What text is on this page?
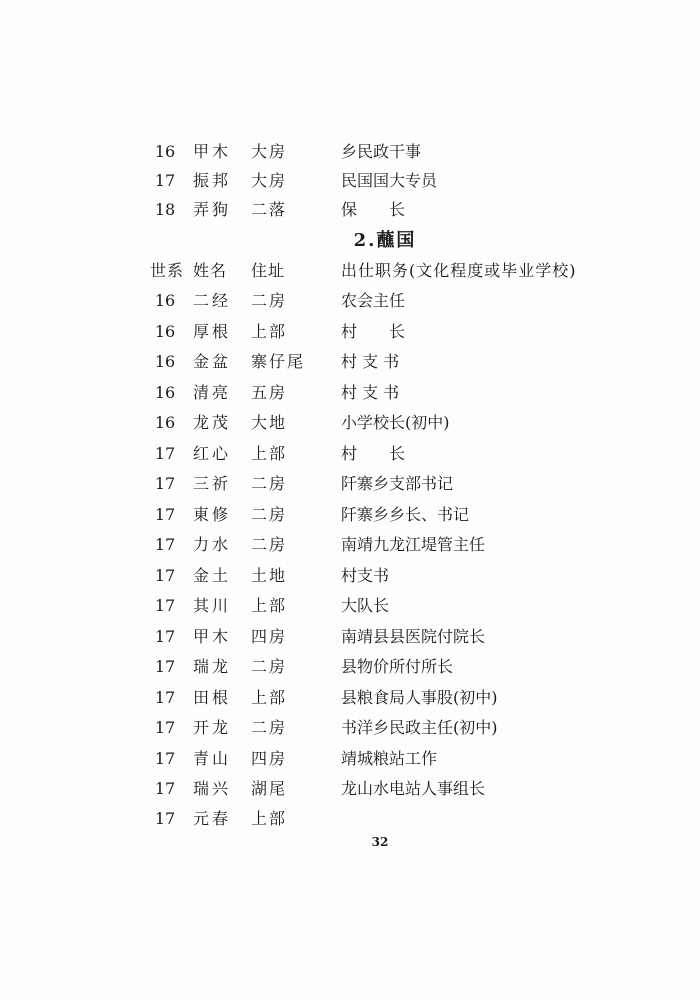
16	甲木	大房	乡民政干事
17	振邦	大房	民国国大专员
18	弄狗	二落	保　　长
2.蘸国
世系 姓名	住址	出仕职务(文化程度或毕业学校)
16	二经	二房	农会主任
16	厚根	上部	村　　长
16	金盆	寨仔尾	村 支 书
16	清亮	五房	村 支 书
16	龙茂	大地	小学校长(初中)
17	红心	上部	村　　长
17	三祈	二房	阡寨乡支部书记
17	東修	二房	阡寨乡乡长、书记
17	力水	二房	南靖九龙江堤管主任
17	金土	土地	村支书
17	其川	上部	大队长
17	甲木	四房	南靖县县医院付院长
17	瑞龙	二房	县物价所付所长
17	田根	上部	县粮食局人事股(初中)
17	开龙	二房	书洋乡民政主任(初中)
17	青山	四房	靖城粮站工作
17	瑞兴	湖尾	龙山水电站人事组长
17	元春	上部
32
